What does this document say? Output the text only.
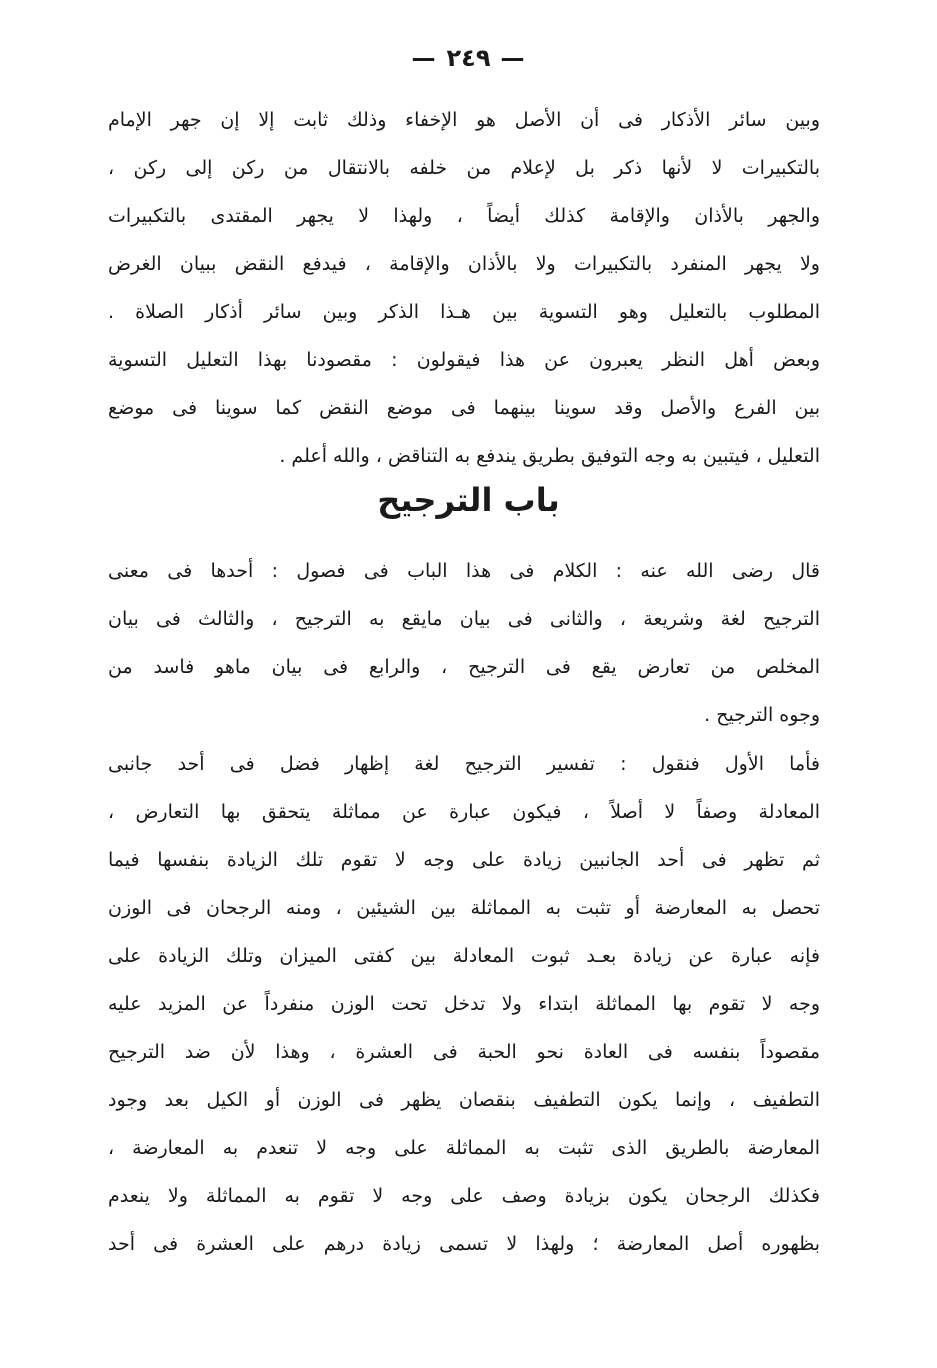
—٢٤٩—
وبين سائر الأذكار فى أن الأصل هو الإخفاء وذلك ثابت إلا إن جهر الإمام
بالتكبيرات لا لأنها ذكر بل لإعلام من خلفه بالانتقال من ركن إلى ركن ،
والجهر بالأذان والإقامة كذلك أيضاً ، ولهذا لا يجهر المقتدى بالتكبيرات
ولا يجهر المنفرد بالتكبيرات ولا بالأذان والإقامة ، فيدفع النقض ببيان الغرض
المطلوب بالتعليل وهو التسوية بين هـذا الذكر وبين سائر أذكار الصلاة .
وبعض أهل النظر يعبرون عن هذا فيقولون : مقصودنا بهذا التعليل التسوية
بين الفرع والأصل وقد سوينا بينهما فى موضع النقض كما سوينا فى موضع
التعليل ، فيتبين به وجه التوفيق بطريق يندفع به التناقض ، والله أعلم .
باب الترجيح
قال رضى الله عنه : الكلام فى هذا الباب فى فصول : أحدها فى معنى
الترجيح لغة وشريعة ، والثانى فى بيان مايقع به الترجيح ، والثالث فى بيان
المخلص من تعارض يقع فى الترجيح ، والرابع فى بيان ماهو فاسد من
وجوه الترجيح .
فأما الأول فنقول : تفسير الترجيح لغة إظهار فضل فى أحد جانبى
المعادلة وصفاً لا أصلاً ، فيكون عبارة عن مماثلة يتحقق بها التعارض ،
ثم تظهر فى أحد الجانبين زيادة على وجه لا تقوم تلك الزيادة بنفسها فيما
تحصل به المعارضة أو تثبت به المماثلة بين الشيئين ، ومنه الرجحان فى الوزن
فإنه عبارة عن زيادة بعـد ثبوت المعادلة بين كفتى الميزان وتلك الزيادة على
وجه لا تقوم بها المماثلة ابتداء ولا تدخل تحت الوزن منفرداً عن المزيد عليه
مقصوداً بنفسه فى العادة نحو الحبة فى العشرة ، وهذا لأن ضد الترجيح
التطفيف ، وإنما يكون التطفيف بنقصان يظهر فى الوزن أو الكيل بعد وجود
المعارضة بالطريق الذى تثبت به المماثلة على وجه لا تنعدم به المعارضة ،
فكذلك الرجحان يكون بزيادة وصف على وجه لا تقوم به المماثلة ولا ينعدم
بظهوره أصل المعارضة ؛ ولهذا لا تسمى زيادة درهم على العشرة فى أحد
